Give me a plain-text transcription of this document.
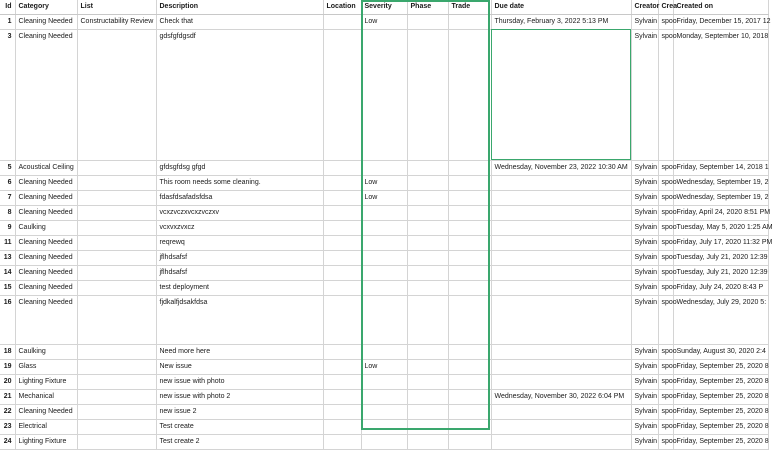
Id	Category	List	Description	Location	Severity	Phase	Trade	Due date	Creator	Crea	Created on
1	Cleaning Needed	Constructability Review	Check that		Low			Thursday, February 3, 2022 5:13 PM	Sylvain	spoo	Friday, December 15, 2017 12
3	Cleaning Needed		gdsfgfdgsdf						Sylvain	spoo	Monday, September 10, 2018
5	Acoustical Ceiling		gfdsgfdsg gfgd					Wednesday, November 23, 2022 10:30 AM	Sylvain	spoo	Friday, September 14, 2018 1
6	Cleaning Needed		This room needs some cleaning.		Low				Sylvain	spoo	Wednesday, September 19, 2
7	Cleaning Needed		fdasfdsafadsfdsa		Low				Sylvain	spoo	Wednesday, September 19, 2
8	Cleaning Needed		vcxzvczxvcxzvczxv						Sylvain	spoo	Friday, April 24, 2020 8:51 PM
9	Caulking		vcxvxzvxcz						Sylvain	spoo	Tuesday, May 5, 2020 1:25 AM
11	Cleaning Needed		reqrewq						Sylvain	spoo	Friday, July 17, 2020 11:32 PM
13	Cleaning Needed		jflhdsafsf						Sylvain	spoo	Tuesday, July 21, 2020 12:39
14	Cleaning Needed		jflhdsafsf						Sylvain	spoo	Tuesday, July 21, 2020 12:39
15	Cleaning Needed		test deployment						Sylvain	spoo	Friday, July 24, 2020 8:43 P
16	Cleaning Needed		fjdkalfjdsakfdsa						Sylvain	spoo	Wednesday, July 29, 2020 5:
18	Caulking		Need more here						Sylvain	spoo	Sunday, August 30, 2020 2:4
19	Glass		New issue		Low				Sylvain	spoo	Friday, September 25, 2020 8
20	Lighting Fixture		new issue with photo						Sylvain	spoo	Friday, September 25, 2020 8
21	Mechanical		new issue with photo 2					Wednesday, November 30, 2022 6:04 PM	Sylvain	spoo	Friday, September 25, 2020 8
22	Cleaning Needed		new issue 2						Sylvain	spoo	Friday, September 25, 2020 8
23	Electrical		Test create						Sylvain	spoo	Friday, September 25, 2020 8
24	Lighting Fixture		Test create 2						Sylvain	spoo	Friday, September 25, 2020 8
